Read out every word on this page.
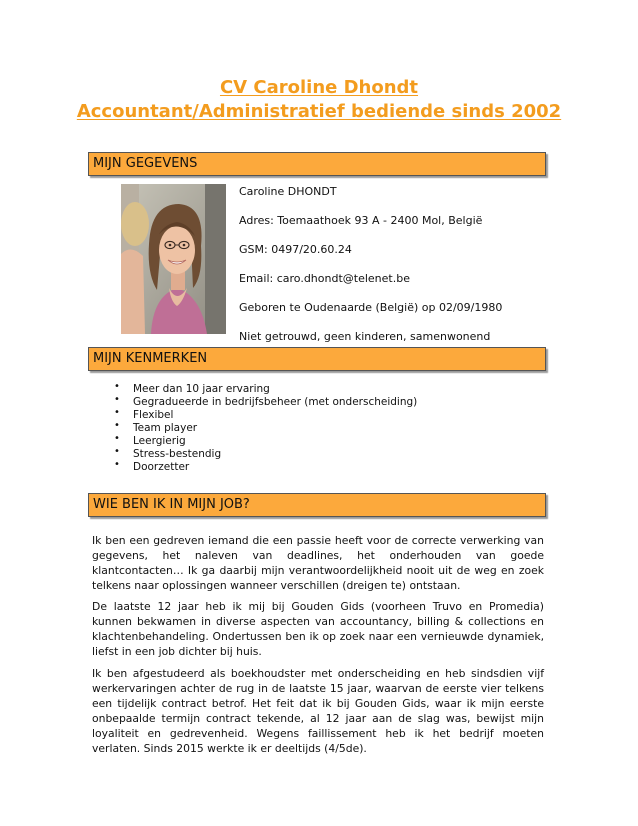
CV Caroline Dhondt
Accountant/Administratief bediende sinds 2002
MIJN GEGEVENS
Caroline DHONDT
Adres: Toemaathoek 93 A - 2400 Mol, België
GSM: 0497/20.60.24
Email: caro.dhondt@telenet.be
Geboren te Oudenaarde (België) op 02/09/1980
Niet getrouwd, geen kinderen, samenwonend
MIJN KENMERKEN
• Meer dan 10 jaar ervaring
• Gegradueerde in bedrijfsbeheer (met onderscheiding)
• Flexibel
• Team player
• Leergierig
• Stress-bestendig
• Doorzetter
WIE BEN IK IN MIJN JOB?

Ik ben een gedreven iemand die een passie heeft voor de correcte verwerking van gegevens, het naleven van deadlines, het onderhouden van goede klantcontacten… Ik ga daarbij mijn verantwoordelijkheid nooit uit de weg en zoek telkens naar oplossingen wanneer verschillen (dreigen te) ontstaan.

De laatste 12 jaar heb ik mij bij Gouden Gids (voorheen Truvo en Promedia) kunnen bekwamen in diverse aspecten van accountancy, billing & collections en klachtenbehandeling. Ondertussen ben ik op zoek naar een vernieuwde dynamiek, liefst in een job dichter bij huis.

Ik ben afgestudeerd als boekhoudster met onderscheiding en heb sindsdien vijf werkervaringen achter de rug in de laatste 15 jaar, waarvan de eerste vier telkens een tijdelijk contract betrof. Het feit dat ik bij Gouden Gids, waar ik mijn eerste onbepaalde termijn contract tekende, al 12 jaar aan de slag was, bewijst mijn loyaliteit en gedrevenheid. Wegens faillissement heb ik het bedrijf moeten verlaten. Sinds 2015 werkte ik er deeltijds (4/5de).
